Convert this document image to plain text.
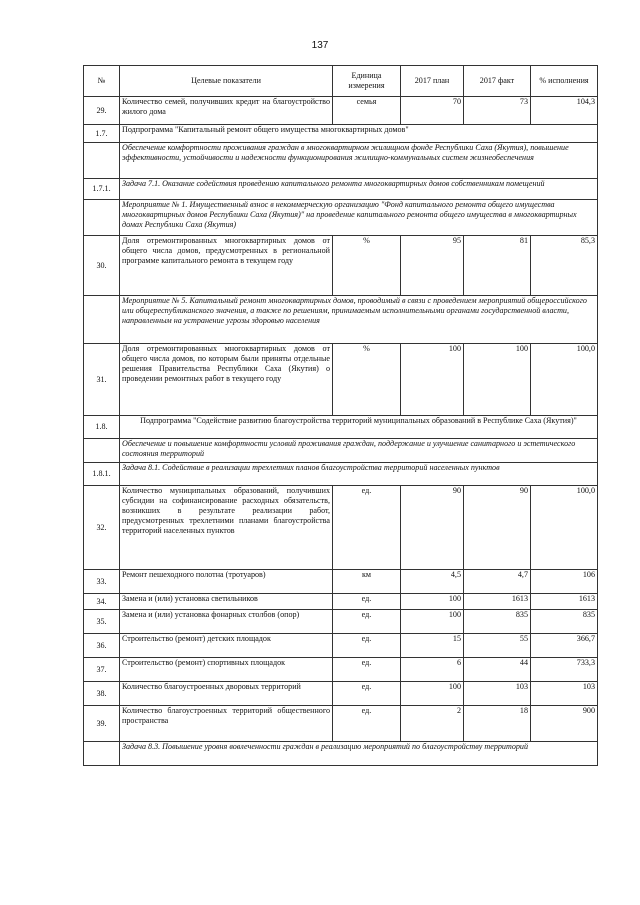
137
№	Целевые показатели	Единица измерения	2017 план	2017 факт	% исполнения
29.	Количество семей, получивших кредит на благоустройство жилого дома	семья	70	73	104,3
1.7.	Подпрограмма "Капитальный ремонт общего имущества многоквартирных домов"				
	Обеспечение комфортности проживания граждан в многоквартирном жилищном фонде Республики Саха (Якутия), повышение эффективности, устойчивости и надежности функционирования жилищно-коммунальных систем жизнеобеспечения				
1.7.1.	Задача 7.1. Оказание содействия проведению капитального ремонта многоквартирных домов собственникам помещений				
	Мероприятие № 1. Имущественный взнос в некоммерческую организацию "Фонд капитального ремонта общего имущества многоквартирных домов Республики Саха (Якутия)" на проведение капитального ремонта общего имущества в многоквартирных домах Республики Саха (Якутия)				
30.	Доля отремонтированных многоквартирных домов от общего числа домов, предусмотренных в региональной программе капитального ремонта в текущем году	%	95	81	85,3
	Мероприятие № 5. Капитальный ремонт многоквартирных домов, проводимый в связи с проведением мероприятий общероссийского или общереспубликанского значения, а также по решениям, принимаемым исполнительными органами государственной власти, направленным на устранение угрозы здоровью населения				
31.	Доля отремонтированных многоквартирных домов от общего числа домов, по которым были приняты отдельные решения Правительства Республики Саха (Якутия) о проведении ремонтных работ в текущего году	%	100	100	100,0
1.8.	Подпрограмма "Содействие развитию благоустройства территорий муниципальных образований в Республике Саха (Якутия)"				
	Обеспечение и повышение комфортности условий проживания граждан, поддержание и улучшение санитарного и эстетического состояния территорий				
1.8.1.	Задача 8.1. Содействие в реализации трехлетних планов благоустройства территорий населенных пунктов				
32.	Количество муниципальных образований, получивших субсидии на софинансирование расходных обязательств, возникших в результате реализации работ, предусмотренных трехлетними планами благоустройства территорий населенных пунктов	ед.	90	90	100,0
33.	Ремонт пешеходного полотна (тротуаров)	км	4,5	4,7	106
34.	Замена и (или) установка светильников	ед.	100	1613	1613
35.	Замена и (или) установка фонарных столбов (опор)	ед.	100	835	835
36.	Строительство (ремонт) детских площадок	ед.	15	55	366,7
37.	Строительство (ремонт) спортивных площадок	ед.	6	44	733,3
38.	Количество благоустроенных дворовых территорий	ед.	100	103	103
39.	Количество благоустроенных территорий общественного пространства	ед.	2	18	900
	Задача 8.3. Повышение уровня вовлеченности граждан в реализацию мероприятий по благоустройству территорий				
